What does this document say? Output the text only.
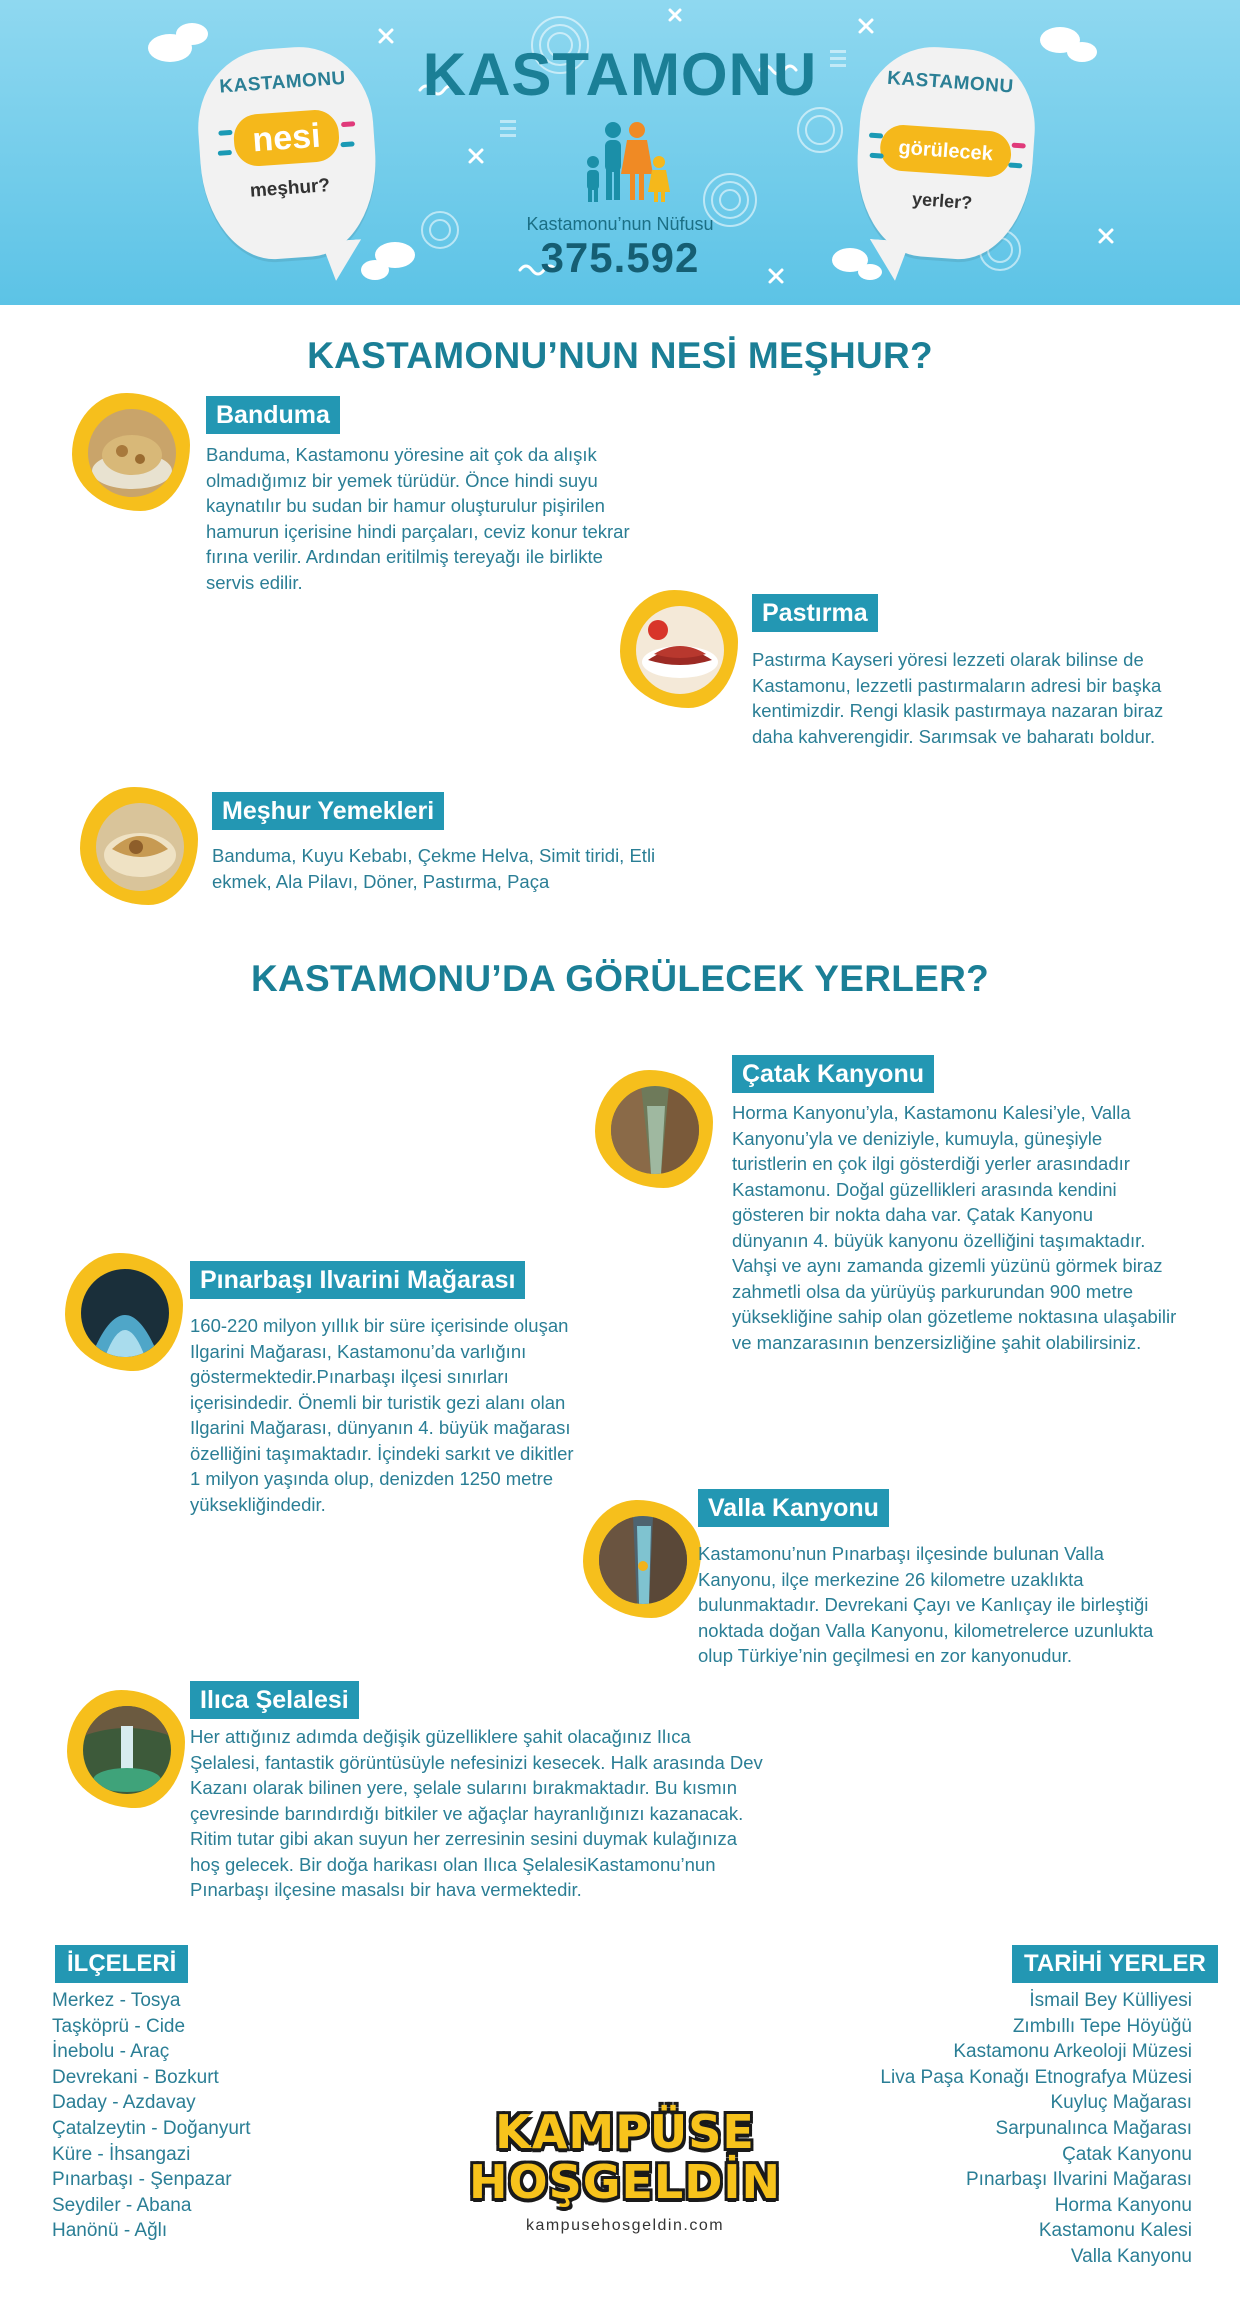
KASTAMONU
nesi
meşhur?
KASTAMONU
Kastamonu’nun Nüfusu
375.592
KASTAMONU
görülecek
yerler?
KASTAMONU’NUN NESİ MEŞHUR?
Banduma
Banduma, Kastamonu yöresine ait çok da alışık
olmadığımız bir yemek türüdür. Önce hindi suyu
kaynatılır bu sudan bir hamur oluşturulur pişirilen
hamurun içerisine hindi parçaları, ceviz konur tekrar
fırına verilir. Ardından eritilmiş tereyağı ile birlikte
servis edilir.
Pastırma
Pastırma Kayseri yöresi lezzeti olarak bilinse de
Kastamonu, lezzetli pastırmaların adresi bir başka
kentimizdir. Rengi klasik pastırmaya nazaran biraz
daha kahverengidir. Sarımsak ve baharatı boldur.
Meşhur Yemekleri
Banduma, Kuyu Kebabı, Çekme Helva, Simit tiridi, Etli
ekmek, Ala Pilavı, Döner, Pastırma, Paça
KASTAMONU’DA GÖRÜLECEK YERLER?
Çatak Kanyonu
Horma Kanyonu’yla, Kastamonu Kalesi’yle, Valla
Kanyonu’yla ve deniziyle, kumuyla, güneşiyle
turistlerin en çok ilgi gösterdiği yerler arasındadır
Kastamonu. Doğal güzellikleri arasında kendini
gösteren bir nokta daha var. Çatak Kanyonu
dünyanın 4. büyük kanyonu özelliğini taşımaktadır.
Vahşi ve aynı zamanda gizemli yüzünü görmek biraz
zahmetli olsa da yürüyüş parkurundan 900 metre
yüksekliğine sahip olan gözetleme noktasına ulaşabilir
ve manzarasının benzersizliğine şahit olabilirsiniz.
Pınarbaşı Ilvarini Mağarası
160-220 milyon yıllık bir süre içerisinde oluşan
Ilgarini Mağarası, Kastamonu’da varlığını
göstermektedir.Pınarbaşı ilçesi sınırları
içerisindedir. Önemli bir turistik gezi alanı olan
Ilgarini Mağarası, dünyanın 4. büyük mağarası
özelliğini taşımaktadır. İçindeki sarkıt ve dikitler
1 milyon yaşında olup, denizden 1250 metre
yüksekliğindedir.	Valla Kanyonu
Kastamonu’nun Pınarbaşı ilçesinde bulunan Valla
Kanyonu, ilçe merkezine 26 kilometre uzaklıkta
bulunmaktadır. Devrekani Çayı ve Kanlıçay ile birleştiği
noktada doğan Valla Kanyonu, kilometrelerce uzunlukta
olup Türkiye’nin geçilmesi en zor kanyonudur.
Ilıca Şelalesi
Her attığınız adımda değişik güzelliklere şahit olacağınız Ilıca
Şelalesi, fantastik görüntüsüyle nefesinizi kesecek. Halk arasında Dev
Kazanı olarak bilinen yere, şelale sularını bırakmaktadır. Bu kısmın
çevresinde barındırdığı bitkiler ve ağaçlar hayranlığınızı kazanacak.
Ritim tutar gibi akan suyun her zerresinin sesini duymak kulağınıza
hoş gelecek. Bir doğa harikası olan Ilıca ŞelalesiKastamonu’nun
Pınarbaşı ilçesine masalsı bir hava vermektedir.
İLÇELERİ
Merkez - Tosya
Taşköprü - Cide
İnebolu - Araç
Devrekani - Bozkurt
Daday - Azdavay
Çatalzeytin - Doğanyurt
Küre - İhsangazi
Pınarbaşı - Şenpazar
Seydiler - Abana
Hanönü - Ağlı
TARİHİ YERLER
İsmail Bey Külliyesi
Zımbıllı Tepe Höyüğü
Kastamonu Arkeoloji Müzesi
Liva Paşa Konağı Etnografya Müzesi
Kuyluç Mağarası
Sarpunalınca Mağarası
Çatak Kanyonu
Pınarbaşı Ilvarini Mağarası
Horma Kanyonu
Kastamonu Kalesi
Valla Kanyonu
KAMPÜSE
HOŞGELDİN
kampusehosgeldin.com
